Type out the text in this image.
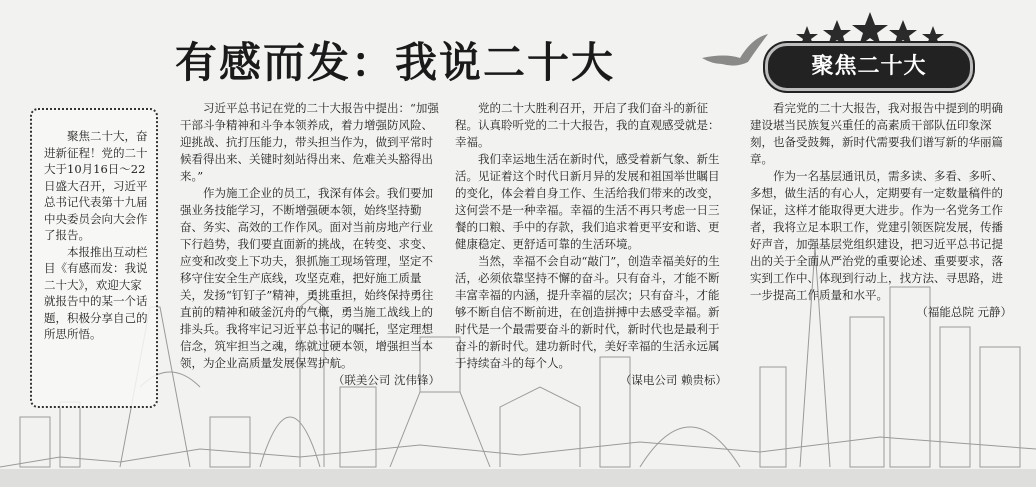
有感而发：我说二十大	聚焦二十大

聚焦二十大，奋进新征程！党的二十大于10月16日～22日盛大召开，习近平总书记代表第十九届中央委员会向大会作了报告。

本报推出互动栏目《有感而发：我说二十大》，欢迎大家就报告中的某一个话题，积极分享自己的所思所悟。

习近平总书记在党的二十大报告中提出：“加强干部斗争精神和斗争本领养成，着力增强防风险、迎挑战、抗打压能力，带头担当作为，做到平常时候看得出来、关键时刻站得出来、危难关头豁得出来。”

作为施工企业的员工，我深有体会。我们要加强业务技能学习，不断增强硬本领，始终坚持勤奋、务实、高效的工作作风。面对当前房地产行业下行趋势，我们要直面新的挑战，在转变、求变、应变和改变上下功夫，狠抓施工现场管理，坚定不移守住安全生产底线，攻坚克难，把好施工质量关，发扬“钉钉子”精神，勇挑重担，始终保持勇往直前的精神和破釜沉舟的气概，勇当施工战线上的排头兵。我将牢记习近平总书记的嘱托，坚定理想信念，筑牢担当之魂，练就过硬本领，增强担当本领，为企业高质量发展保驾护航。

（联美公司 沈伟锋）

党的二十大胜利召开，开启了我们奋斗的新征程。认真聆听党的二十大报告，我的直观感受就是：幸福。

我们幸运地生活在新时代，感受着新气象、新生活。见证着这个时代日新月异的发展和祖国举世瞩目的变化，体会着自身工作、生活给我们带来的改变，这何尝不是一种幸福。幸福的生活不再只考虑一日三餐的口粮、手中的存款，我们追求着更平安和谐、更健康稳定、更舒适可靠的生活环境。

当然，幸福不会自动“敲门”，创造幸福美好的生活，必须依靠坚持不懈的奋斗。只有奋斗，才能不断丰富幸福的内涵，提升幸福的层次；只有奋斗，才能够不断自信不断前进，在创造拼搏中去感受幸福。新时代是一个最需要奋斗的新时代，新时代也是最利于奋斗的新时代。建功新时代，美好幸福的生活永远属于持续奋斗的每个人。

（谋电公司 赖贵标）

看完党的二十大报告，我对报告中提到的明确建设堪当民族复兴重任的高素质干部队伍印象深刻，也备受鼓舞，新时代需要我们谱写新的华丽篇章。

作为一名基层通讯员，需多读、多看、多听、多想，做生活的有心人，定期要有一定数量稿件的保证，这样才能取得更大进步。作为一名党务工作者，我将立足本职工作，党建引领医院发展，传播好声音，加强基层党组织建设，把习近平总书记提出的关于全面从严治党的重要论述、重要要求，落实到工作中、体现到行动上，找方法、寻思路，进一步提高工作质量和水平。

（福能总院 元静）
